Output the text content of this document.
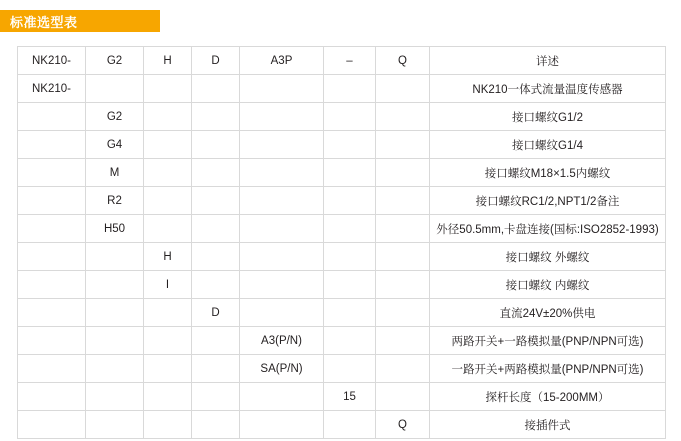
标准选型表
NK210-	G2	H	D	A3P	–	Q	详述
NK210-							NK210一体式流量温度传感器
	G2						接口螺纹G1/2
	G4						接口螺纹G1/4
	M						接口螺纹M18×1.5内螺纹
	R2						接口螺纹RC1/2,NPT1/2备注
	H50						外径50.5mm,卡盘连接(国标:ISO2852-1993)
		H					接口螺纹 外螺纹
		I					接口螺纹 内螺纹
			D				直流24V±20%供电
				A3(P/N)			两路开关+一路模拟量(PNP/NPN可选)
				SA(P/N)			一路开关+两路模拟量(PNP/NPN可选)
					15		探杆长度（15-200MM）
						Q	接插件式
